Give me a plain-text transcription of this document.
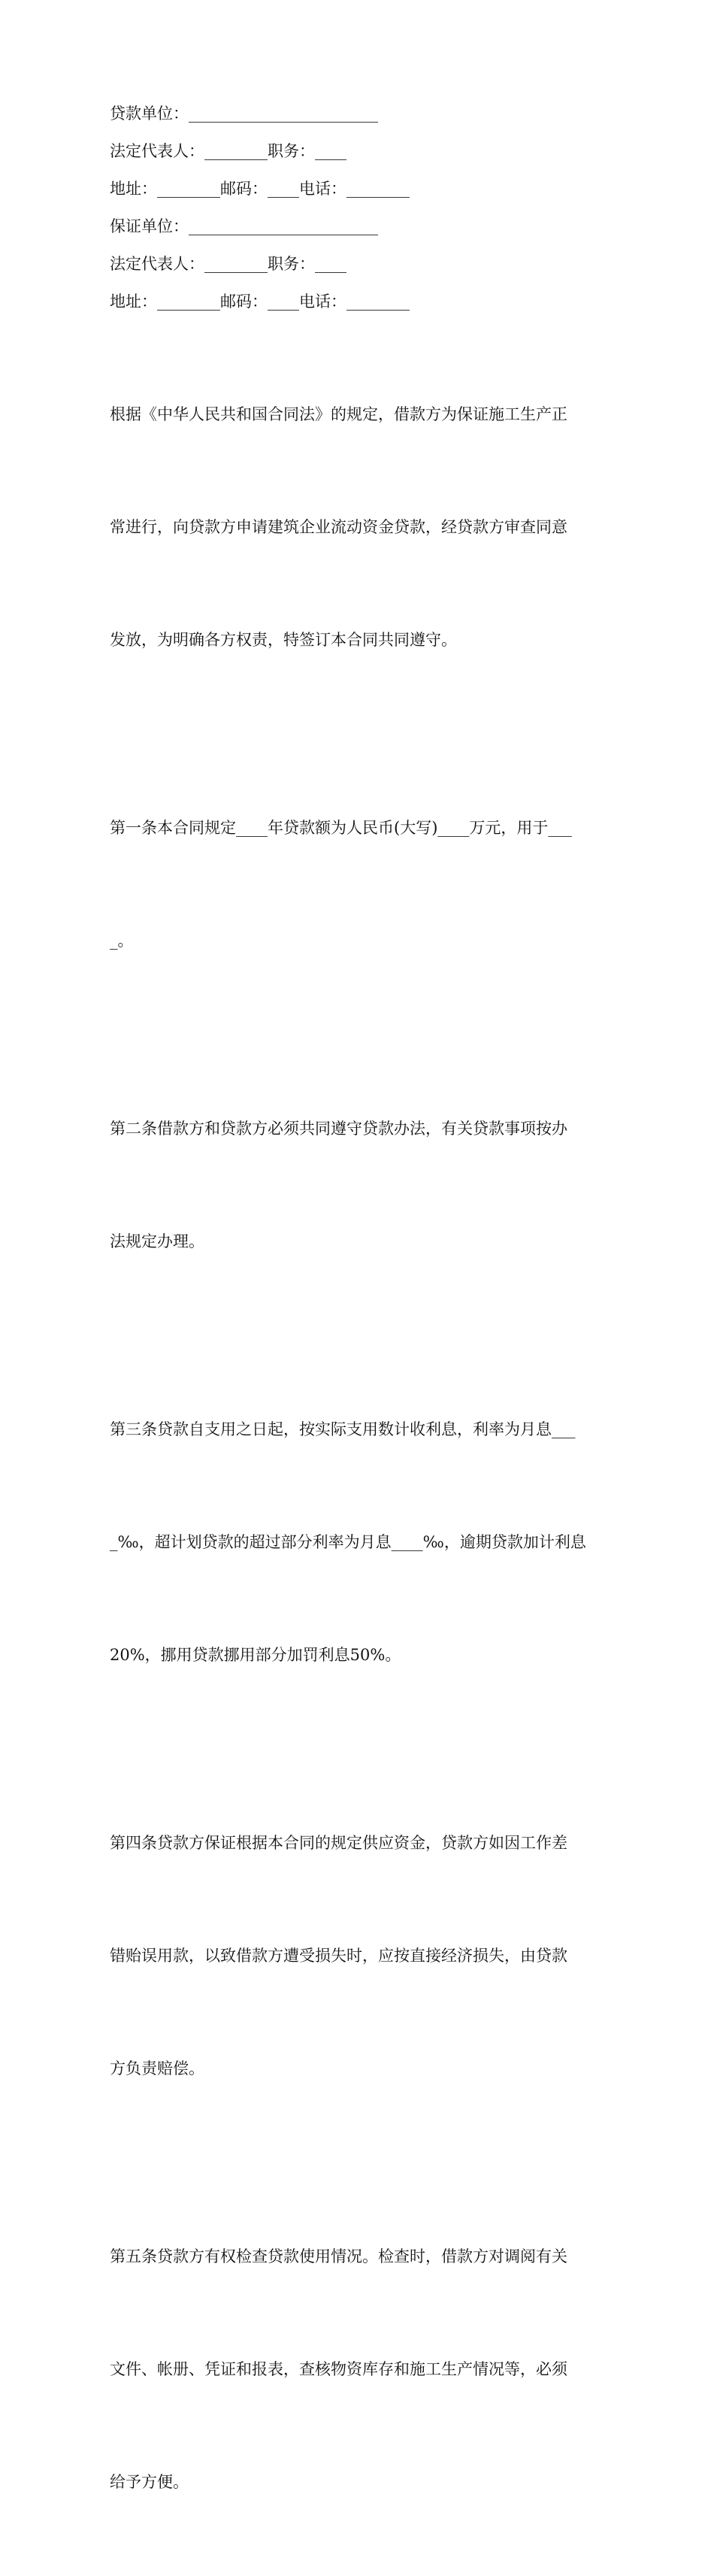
贷款单位：________________________
法定代表人：________职务：____
地址：________邮码：____电话：________
保证单位：________________________
法定代表人：________职务：____
地址：________邮码：____电话：________

根据《中华人民共和国合同法》的规定，借款方为保证施工生产正

常进行，向贷款方申请建筑企业流动资金贷款，经贷款方审查同意

发放，为明确各方权责，特签订本合同共同遵守。

第一条本合同规定____年贷款额为人民币(大写)____万元，用于___

_。

第二条借款方和贷款方必须共同遵守贷款办法，有关贷款事项按办

法规定办理。

第三条贷款自支用之日起，按实际支用数计收利息，利率为月息___

_‰，超计划贷款的超过部分利率为月息____‰，逾期贷款加计利息

20%，挪用贷款挪用部分加罚利息50%。

第四条贷款方保证根据本合同的规定供应资金，贷款方如因工作差

错贻误用款，以致借款方遭受损失时，应按直接经济损失，由贷款

方负责赔偿。

第五条贷款方有权检查贷款使用情况。检查时，借款方对调阅有关

文件、帐册、凭证和报表，查核物资库存和施工生产情况等，必须

给予方便。
